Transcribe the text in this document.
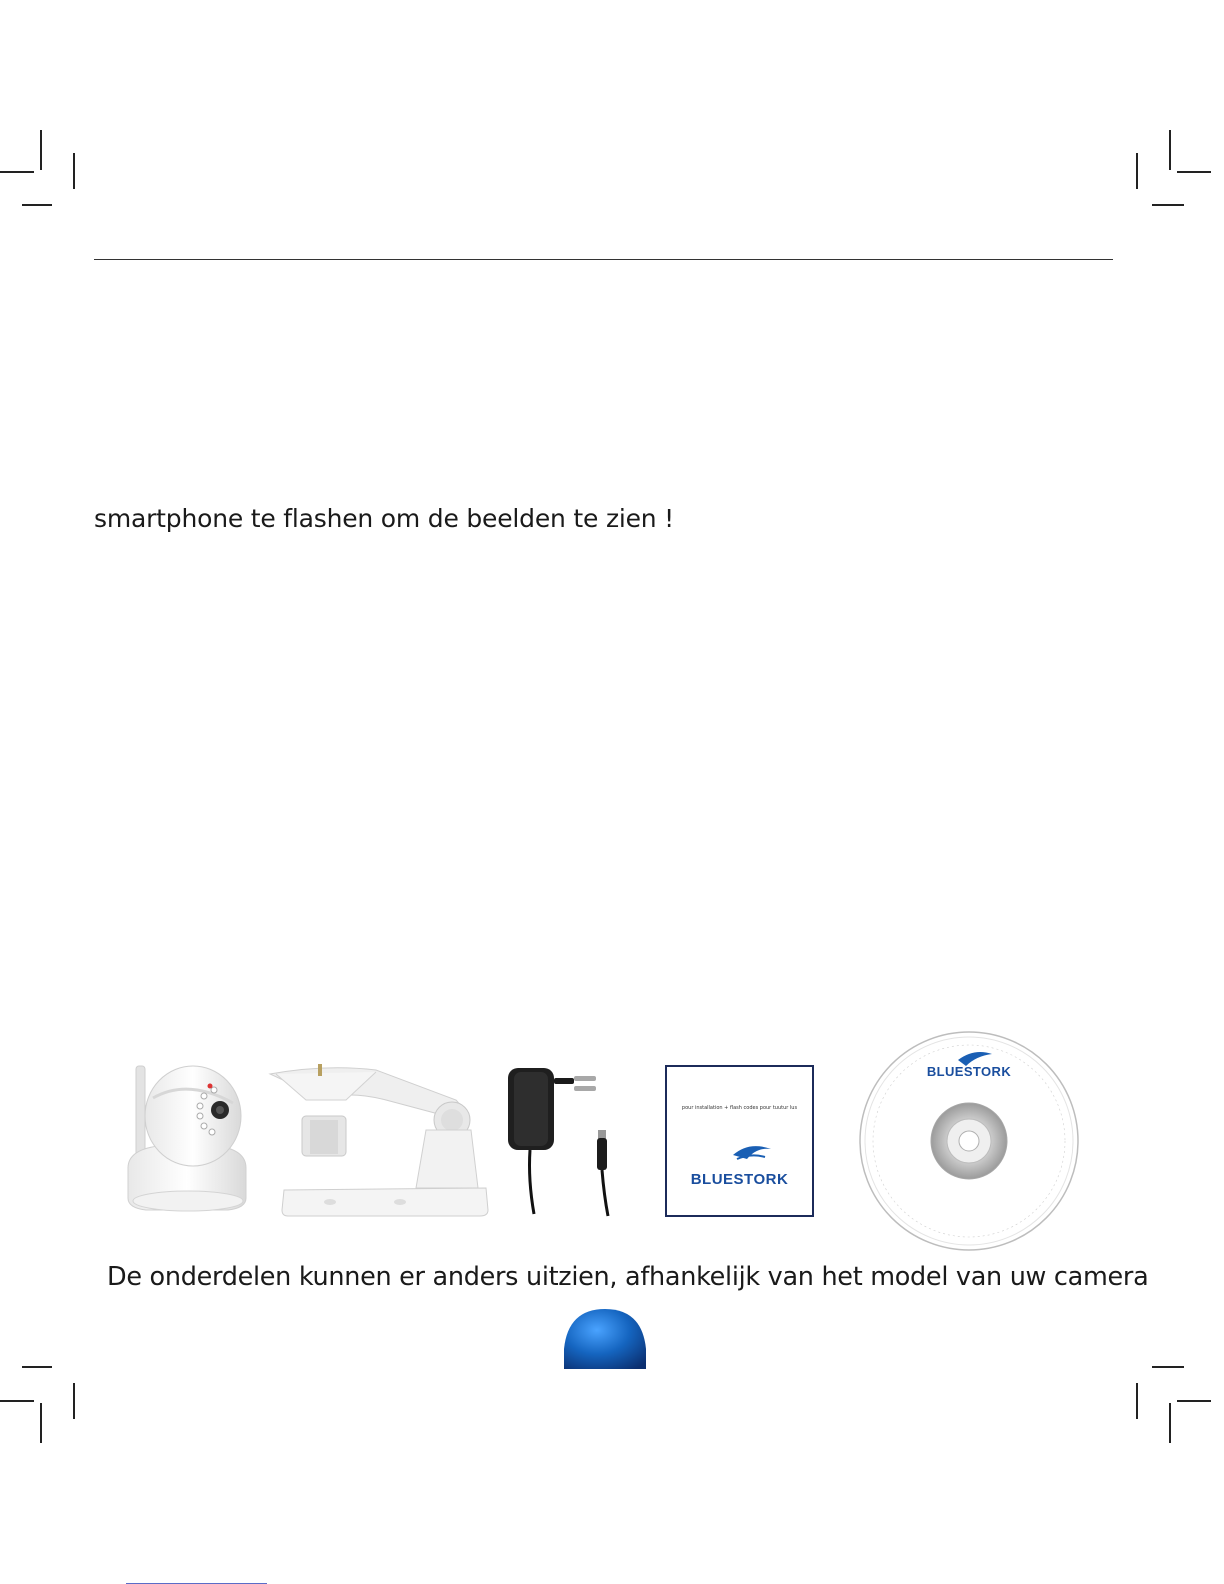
smartphone te flashen om de beelden te zien !
pour installation + flash codes pour tuutur lus
BLUESTORK
BLUESTORK
De onderdelen kunnen er anders uitzien, afhankelijk van het model van uw camera
